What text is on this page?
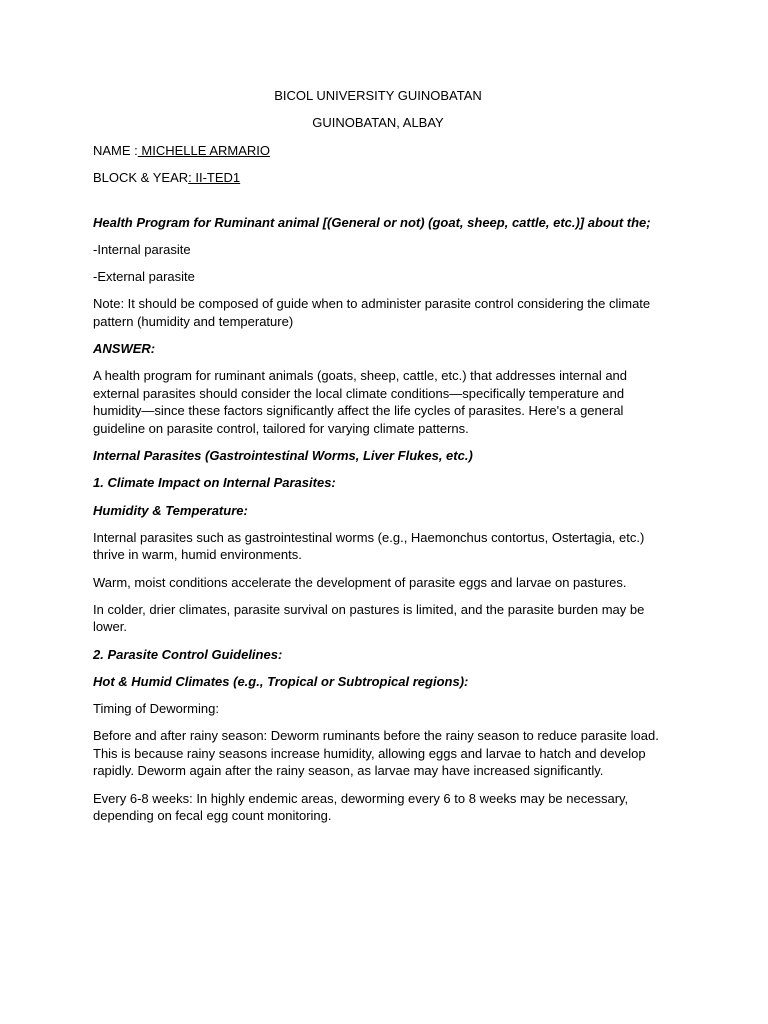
BICOL UNIVERSITY GUINOBATAN
GUINOBATAN, ALBAY
NAME : MICHELLE ARMARIO
BLOCK & YEAR: II-TED1
Health Program for Ruminant animal [(General or not) (goat, sheep, cattle, etc.)] about the;
-Internal parasite
-External parasite
Note: It should be composed of guide when to administer parasite control considering the climate pattern (humidity and temperature)
ANSWER:
A health program for ruminant animals (goats, sheep, cattle, etc.) that addresses internal and external parasites should consider the local climate conditions—specifically temperature and humidity—since these factors significantly affect the life cycles of parasites. Here's a general guideline on parasite control, tailored for varying climate patterns.
Internal Parasites (Gastrointestinal Worms, Liver Flukes, etc.)
1. Climate Impact on Internal Parasites:
Humidity & Temperature:
Internal parasites such as gastrointestinal worms (e.g., Haemonchus contortus, Ostertagia, etc.) thrive in warm, humid environments.
Warm, moist conditions accelerate the development of parasite eggs and larvae on pastures.
In colder, drier climates, parasite survival on pastures is limited, and the parasite burden may be lower.
2. Parasite Control Guidelines:
Hot & Humid Climates (e.g., Tropical or Subtropical regions):
Timing of Deworming:
Before and after rainy season: Deworm ruminants before the rainy season to reduce parasite load. This is because rainy seasons increase humidity, allowing eggs and larvae to hatch and develop rapidly. Deworm again after the rainy season, as larvae may have increased significantly.
Every 6-8 weeks: In highly endemic areas, deworming every 6 to 8 weeks may be necessary, depending on fecal egg count monitoring.
